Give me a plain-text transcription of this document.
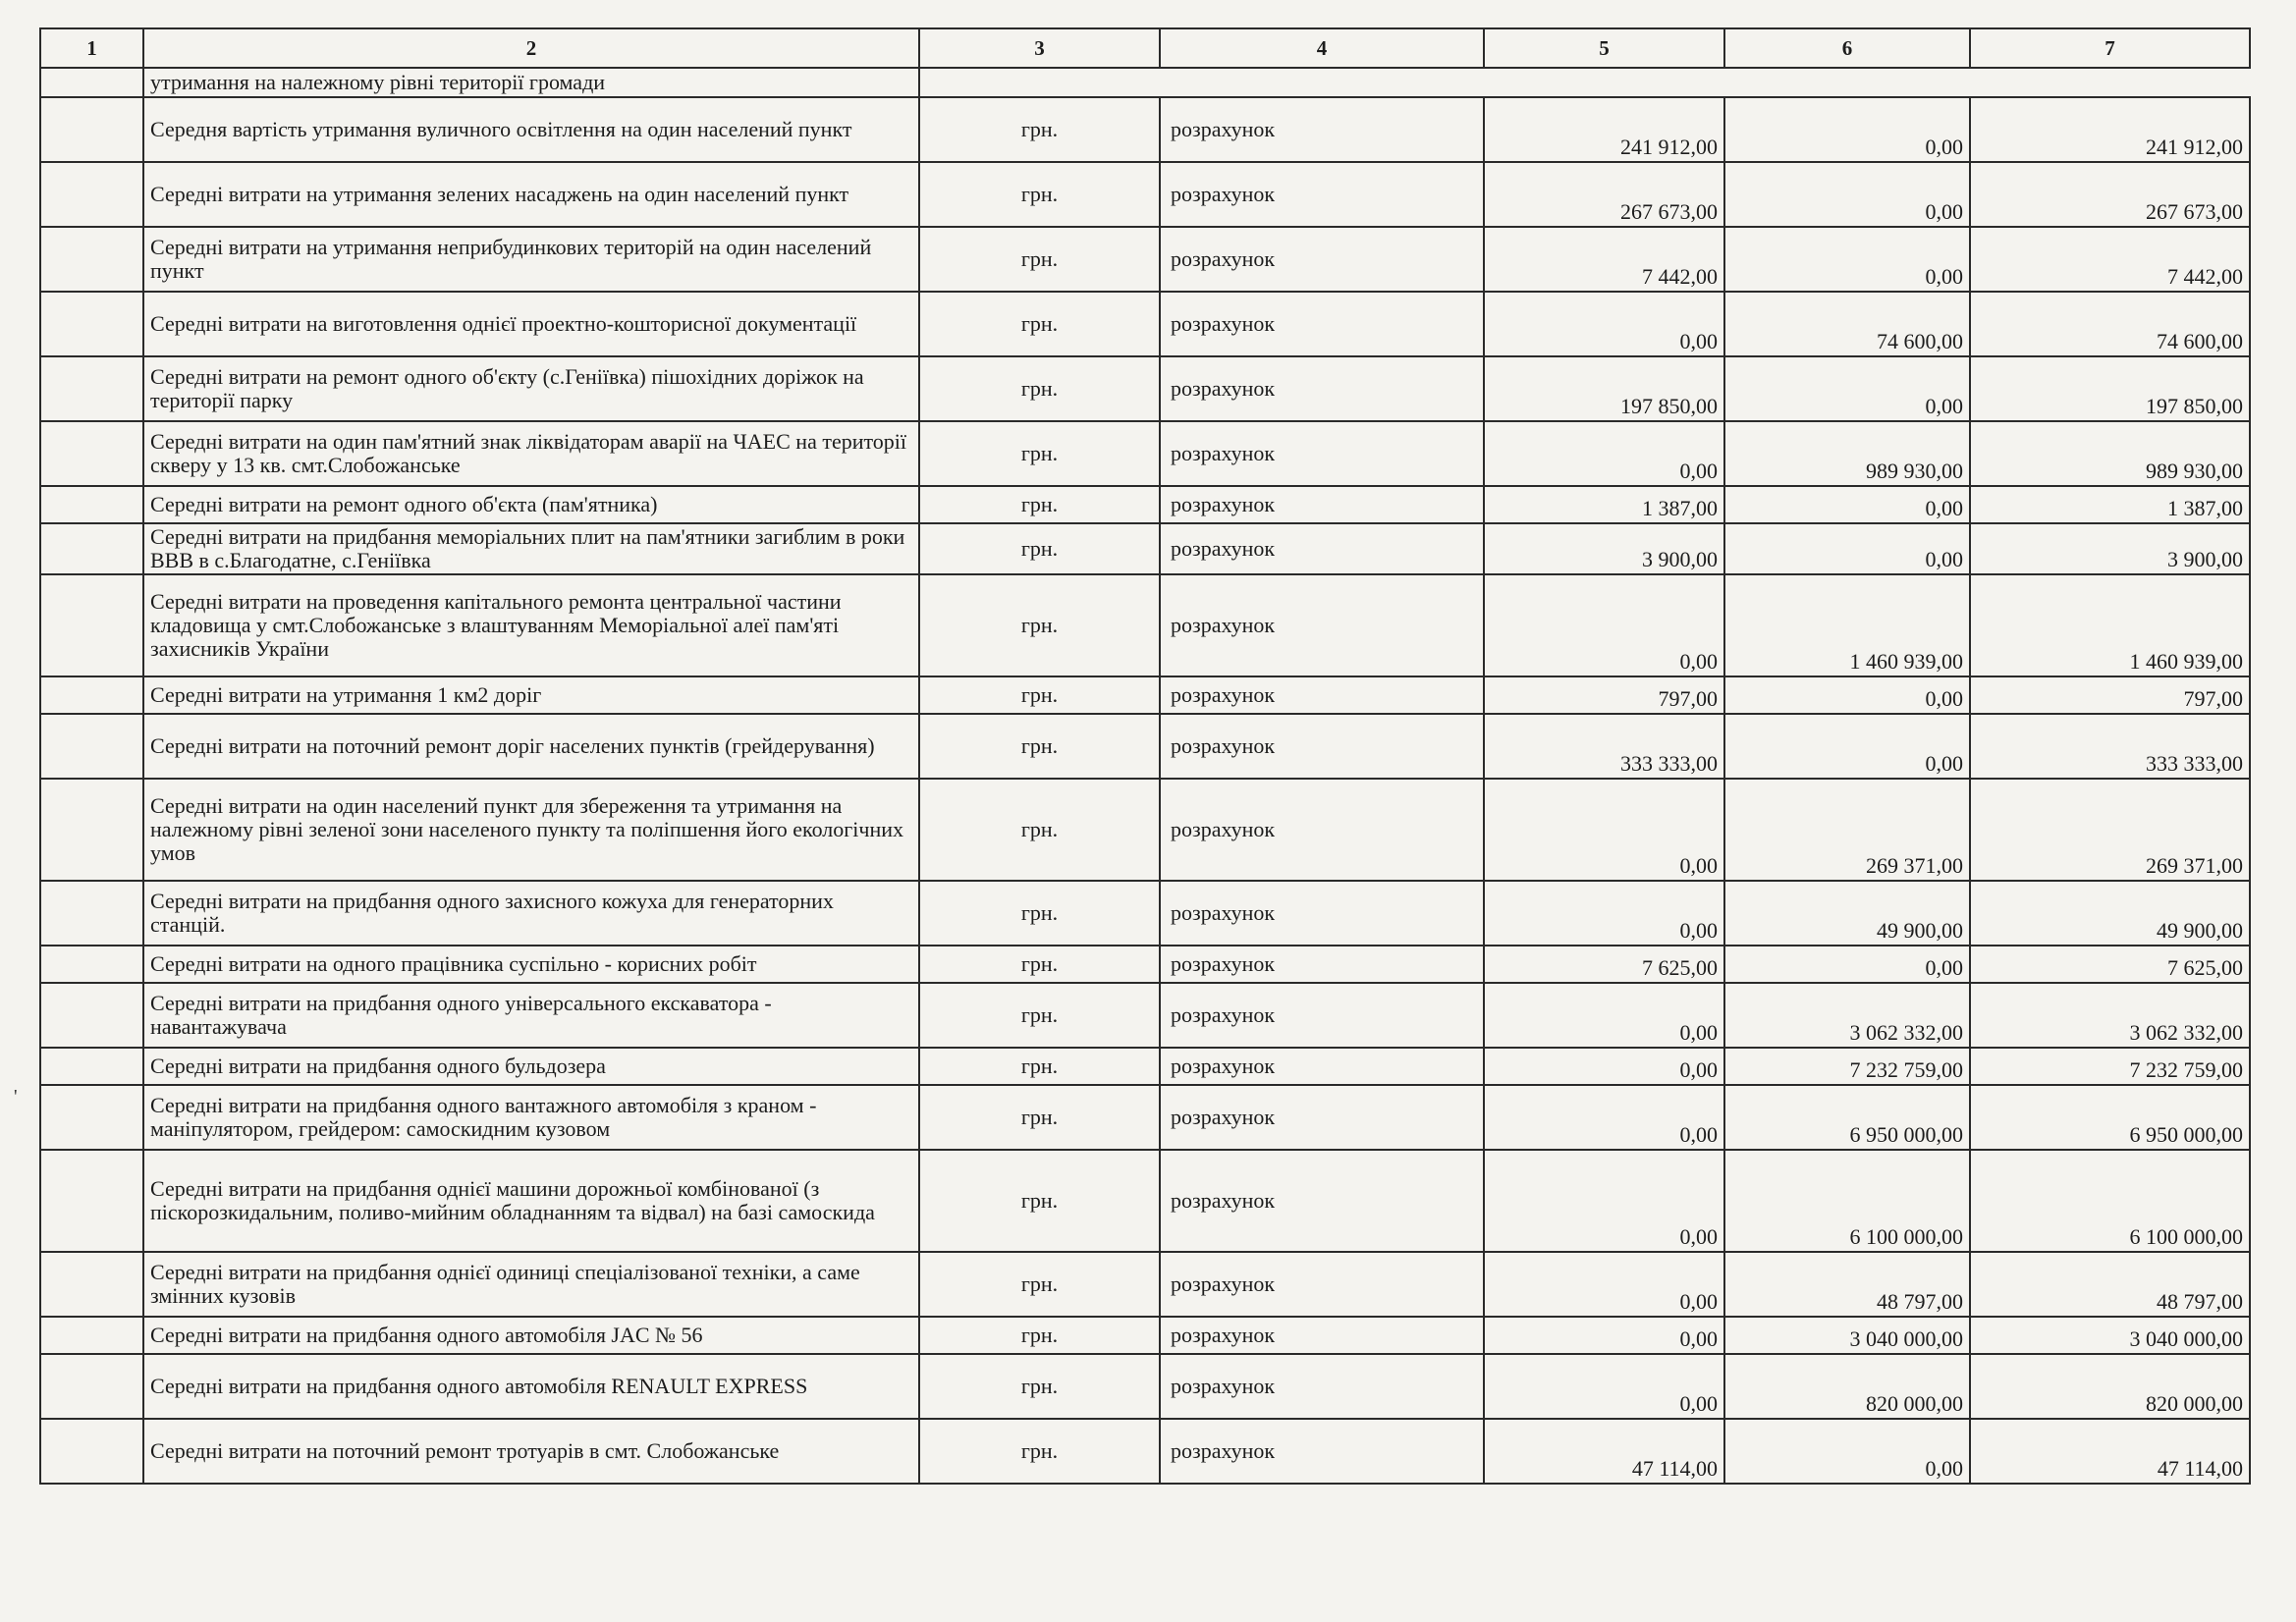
1	2	3	4	5	6	7
	утримання на належному рівні території громади					
	Середня вартість утримання вуличного освітлення на один населений пункт	грн.	розрахунок	241 912,00	0,00	241 912,00
	Середні витрати на утримання зелених насаджень на один населений пункт	грн.	розрахунок	267 673,00	0,00	267 673,00
	Середні витрати на утримання неприбудинкових територій на один населений пункт	грн.	розрахунок	7 442,00	0,00	7 442,00
	Середні витрати на виготовлення однієї проектно-кошторисної документації	грн.	розрахунок	0,00	74 600,00	74 600,00
	Середні витрати на ремонт одного об'єкту (с.Геніївка) пішохідних доріжок на території парку	грн.	розрахунок	197 850,00	0,00	197 850,00
	Середні витрати на один пам'ятний знак ліквідаторам аварії на ЧАЕС на території скверу у 13 кв. смт.Слобожанське	грн.	розрахунок	0,00	989 930,00	989 930,00
	Середні витрати на ремонт одного об'єкта (пам'ятника)	грн.	розрахунок	1 387,00	0,00	1 387,00
	Середні витрати на придбання меморіальних плит на пам'ятники загиблим в роки ВВВ в с.Благодатне, с.Геніївка	грн.	розрахунок	3 900,00	0,00	3 900,00
	Середні витрати на проведення капітального ремонта центральної частини кладовища у смт.Слобожанське з влаштуванням Меморіальної алеї пам'яті захисників України	грн.	розрахунок	0,00	1 460 939,00	1 460 939,00
	Середні витрати на утримання 1 км2 доріг	грн.	розрахунок	797,00	0,00	797,00
	Середні витрати на поточний ремонт доріг населених пунктів (грейдерування)	грн.	розрахунок	333 333,00	0,00	333 333,00
	Середні витрати на один населений пункт для збереження та утримання на належному рівні зеленої зони населеного пункту та поліпшення його екологічних умов	грн.	розрахунок	0,00	269 371,00	269 371,00
	Середні витрати на придбання одного захисного кожуха для генераторних станцій.	грн.	розрахунок	0,00	49 900,00	49 900,00
	Середні витрати на одного працівника суспільно - корисних робіт	грн.	розрахунок	7 625,00	0,00	7 625,00
	Середні витрати на придбання одного універсального екскаватора - навантажувача	грн.	розрахунок	0,00	3 062 332,00	3 062 332,00
	Середні витрати на придбання одного бульдозера	грн.	розрахунок	0,00	7 232 759,00	7 232 759,00
	Середні витрати на придбання одного вантажного автомобіля з краном - маніпулятором, грейдером: самоскидним кузовом	грн.	розрахунок	0,00	6 950 000,00	6 950 000,00
	Середні витрати на придбання однієї машини дорожньої комбінованої (з піскорозкидальним, поливо-мийним обладнанням та відвал) на базі самоскида	грн.	розрахунок	0,00	6 100 000,00	6 100 000,00
	Середні витрати на придбання однієї одиниці спеціалізованої техніки, а саме змінних кузовів	грн.	розрахунок	0,00	48 797,00	48 797,00
	Середні витрати на придбання одного автомобіля JAC № 56	грн.	розрахунок	0,00	3 040 000,00	3 040 000,00
	Середні витрати на придбання одного автомобіля RENAULT EXPRESS	грн.	розрахунок	0,00	820 000,00	820 000,00
	Середні витрати на поточний ремонт тротуарів в смт. Слобожанське	грн.	розрахунок	47 114,00	0,00	47 114,00
'
